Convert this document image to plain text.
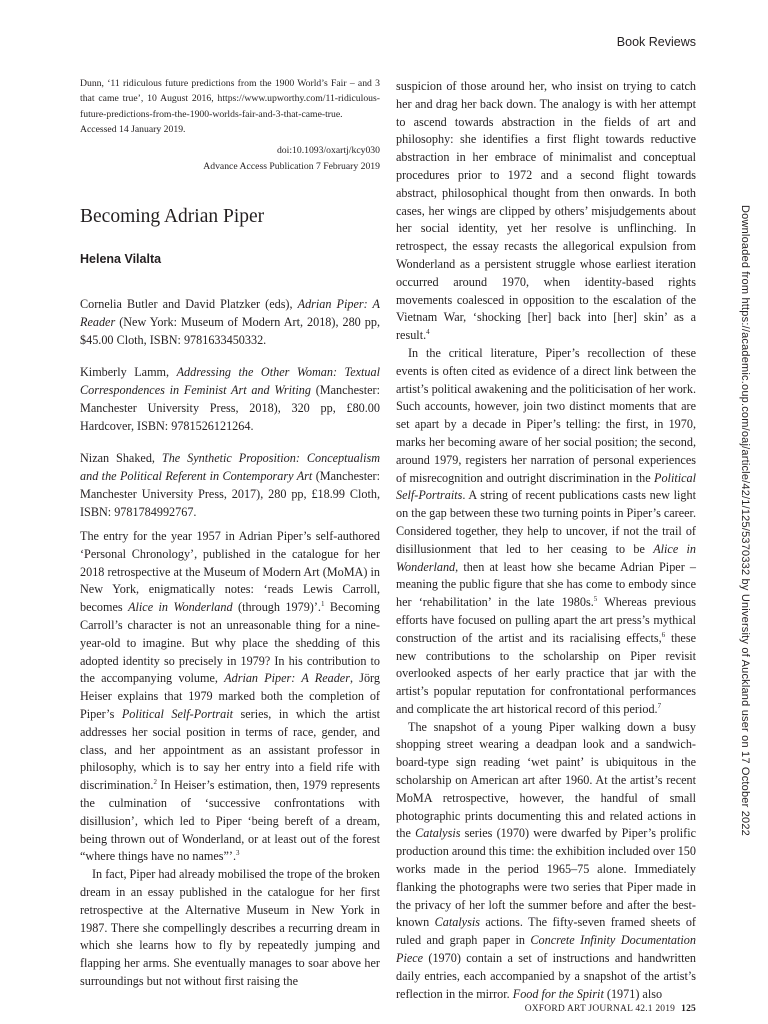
Book Reviews

Dunn, ‘11 ridiculous future predictions from the 1900 World’s Fair – and 3 that came true’, 10 August 2016, https://www.upworthy.com/11-ridiculous-future-predictions-from-the-1900-worlds-fair-and-3-that-came-true. Accessed 14 January 2019.

doi:10.1093/oxartj/kcy030
Advance Access Publication 7 February 2019
Becoming Adrian Piper
Helena Vilalta

Cornelia Butler and David Platzker (eds), Adrian Piper: A Reader (New York: Museum of Modern Art, 2018), 280 pp, $45.00 Cloth, ISBN: 9781633450332.

Kimberly Lamm, Addressing the Other Woman: Textual Correspondences in Feminist Art and Writing (Manchester: Manchester University Press, 2018), 320 pp, £80.00 Hardcover, ISBN: 9781526121264.

Nizan Shaked, The Synthetic Proposition: Conceptualism and the Political Referent in Contemporary Art (Manchester: Manchester University Press, 2017), 280 pp, £18.99 Cloth, ISBN: 9781784992767.

The entry for the year 1957 in Adrian Piper’s self-authored ‘Personal Chronology’, published in the catalogue for her 2018 retrospective at the Museum of Modern Art (MoMA) in New York, enigmatically notes: ‘reads Lewis Carroll, becomes Alice in Wonderland (through 1979)’.$^1$ Becoming Carroll’s character is not an unreasonable thing for a nine-year-old to imagine. But why place the shedding of this adopted identity so precisely in 1979? In his contribution to the accompanying volume, Adrian Piper: A Reader, Jörg Heiser explains that 1979 marked both the completion of Piper’s Political Self-Portrait series, in which the artist addresses her social position in terms of race, gender, and class, and her appointment as an assistant professor in philosophy, which is to say her entry into a field rife with discrimination.$^2$ In Heiser’s estimation, then, 1979 represents the culmination of ‘successive confrontations with disillusion’, which led to Piper ‘being bereft of a dream, being thrown out of Wonderland, or at least out of the forest “where things have no names”’.$^3$

In fact, Piper had already mobilised the trope of the broken dream in an essay published in the catalogue for her first retrospective at the Alternative Museum in New York in 1987. There she compellingly describes a recurring dream in which she learns how to fly by repeatedly jumping and flapping her arms. She eventually manages to soar above her surroundings but not without first raising the

suspicion of those around her, who insist on trying to catch her and drag her back down. The analogy is with her attempt to ascend towards abstraction in the fields of art and philosophy: she identifies a first flight towards reductive abstraction in her embrace of minimalist and conceptual procedures prior to 1972 and a second flight towards abstract, philosophical thought from then onwards. In both cases, her wings are clipped by others’ misjudgements about her social identity, yet her resolve is unflinching. In retrospect, the essay recasts the allegorical expulsion from Wonderland as a persistent struggle whose earliest iteration occurred around 1970, when identity-based rights movements coalesced in opposition to the escalation of the Vietnam War, ‘shocking [her] back into [her] skin’ as a result.$^4$

In the critical literature, Piper’s recollection of these events is often cited as evidence of a direct link between the artist’s political awakening and the politicisation of her work. Such accounts, however, join two distinct moments that are set apart by a decade in Piper’s telling: the first, in 1970, marks her becoming aware of her social position; the second, around 1979, registers her narration of personal experiences of misrecognition and outright discrimination in the Political Self-Portraits. A string of recent publications casts new light on the gap between these two turning points in Piper’s career. Considered together, they help to uncover, if not the trail of disillusionment that led to her ceasing to be Alice in Wonderland, then at least how she became Adrian Piper – meaning the public figure that she has come to embody since her ‘rehabilitation’ in the late 1980s.$^5$ Whereas previous efforts have focused on pulling apart the art press’s mythical construction of the artist and its racialising effects,$^6$ these new contributions to the scholarship on Piper revisit overlooked aspects of her early practice that jar with the artist’s popular reputation for confrontational performances and complicate the art historical record of this period.$^7$

The snapshot of a young Piper walking down a busy shopping street wearing a deadpan look and a sandwich-board-type sign reading ‘wet paint’ is ubiquitous in the scholarship on American art after 1960. At the artist’s recent MoMA retrospective, however, the handful of small photographic prints documenting this and related actions in the Catalysis series (1970) were dwarfed by Piper’s prolific production around this time: the exhibition included over 150 works made in the period 1965–75 alone. Immediately flanking the photographs were two series that Piper made in the privacy of her loft the summer before and after the best-known Catalysis actions. The fifty-seven framed sheets of ruled and graph paper in Concrete Infinity Documentation Piece (1970) contain a set of instructions and handwritten daily entries, each accompanied by a snapshot of the artist’s reflection in the mirror. Food for the Spirit (1971) also

OXFORD ART JOURNAL 42.1 2019 125
Downloaded from https://academic.oup.com/oaj/article/42/1/125/5370332 by University of Auckland user on 17 October 2022
